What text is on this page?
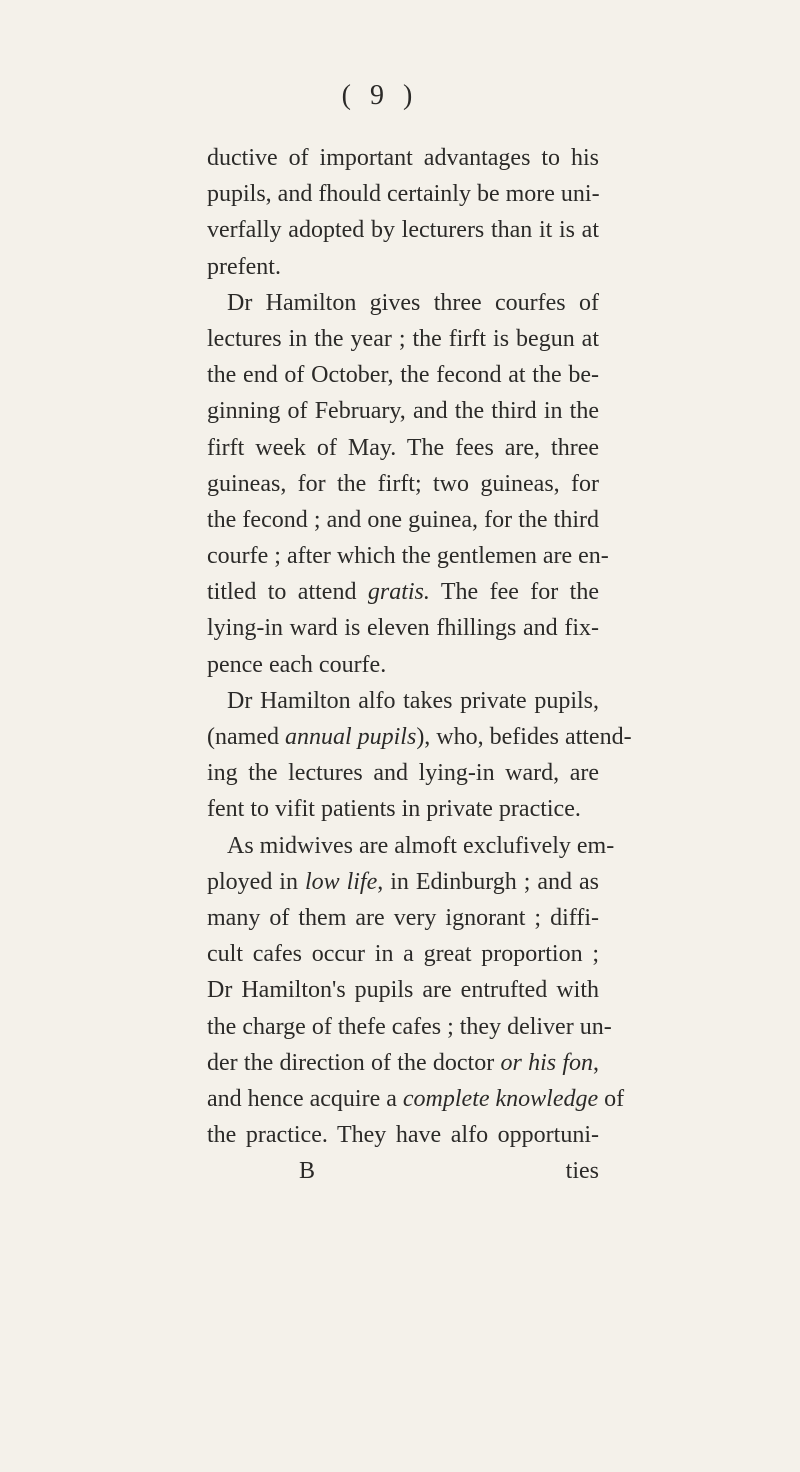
( 9 )
ductive of important advantages to his
pupils, and fhould certainly be more uni-
verfally adopted by lecturers than it is at
prefent.
Dr Hamilton gives three courfes of
lectures in the year ; the firft is begun at
the end of October, the fecond at the be-
ginning of February, and the third in the
firft week of May. The fees are, three
guineas, for the firft; two guineas, for
the fecond ; and one guinea, for the third
courfe ; after which the gentlemen are en-
titled to attend gratis. The fee for the
lying-in ward is eleven fhillings and fix-
pence each courfe.
Dr Hamilton alfo takes private pupils,
(named annual pupils), who, befides attend-
ing the lectures and lying-in ward, are
fent to vifit patients in private practice.
As midwives are almoft exclufively em-
ployed in low life, in Edinburgh ; and as
many of them are very ignorant ; diffi-
cult cafes occur in a great proportion ;
Dr Hamilton's pupils are entrufted with
the charge of thefe cafes ; they deliver un-
der the direction of the doctor or his fon,
and hence acquire a complete knowledge of
the practice. They have alfo opportuni-
B	ties
